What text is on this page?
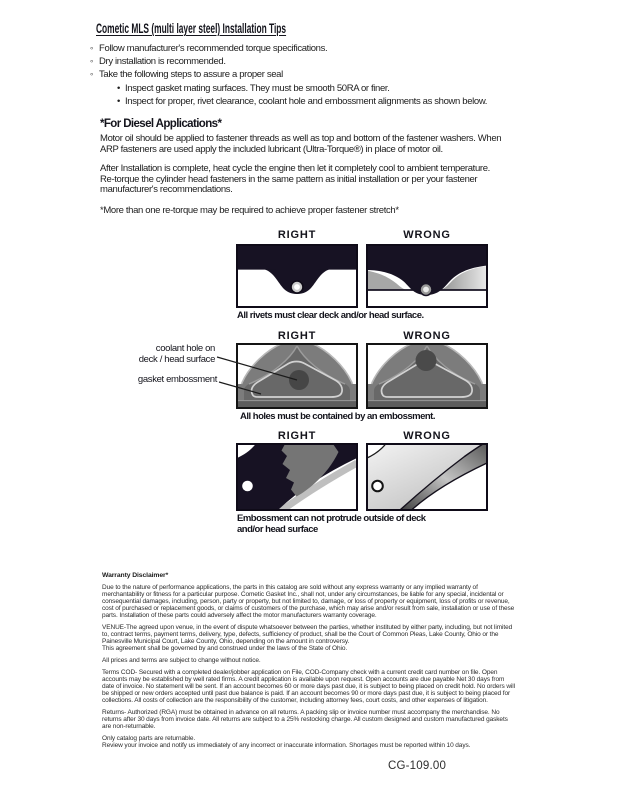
Cometic MLS (multi layer steel) Installation Tips
◦ Follow manufacturer's recommended torque specifications.
◦ Dry installation is recommended.
◦ Take the following steps to assure a proper seal
• Inspect gasket mating surfaces. They must be smooth 50RA or finer.
• Inspect for proper, rivet clearance, coolant hole and embossment alignments as shown below.
*For Diesel Applications*
Motor oil should be applied to fastener threads as well as top and bottom of the fastener washers. When ARP fasteners are used apply the included lubricant (Ultra-Torque®) in place of motor oil.
After Installation is complete, heat cycle the engine then let it completely cool to ambient temperature. Re-torque the cylinder head fasteners in the same pattern as initial installation or per your fastener manufacturer's recommendations.
*More than one re-torque may be required to achieve proper fastener stretch*
RIGHT	WRONG
All rivets must clear deck and/or head surface.
RIGHT	WRONG
coolant hole on
deck / head surface
gasket embossment
All holes must be contained by an embossment.
RIGHT	WRONG
Embossment can not protrude outside of deck
and/or head surface
Warranty Disclaimer*

Due to the nature of performance applications, the parts in this catalog are sold without any express warranty or any implied warranty of merchantability or fitness for a particular purpose. Cometic Gasket Inc., shall not, under any circumstances, be liable for any special, incidental or consequential damages, including, person, party or property, but not limited to, damage, or loss of property or equipment, loss of profits or revenue, cost of purchased or replacement goods, or claims of customers of the purchase, which may arise and/or result from sale, installation or use of these parts. Installation of these parts could adversely affect the motor manufacturers warranty coverage.

VENUE-The agreed upon venue, in the event of dispute whatsoever between the parties, whether instituted by either party, including, but not limited to, contract terms, payment terms, delivery, type, defects, sufficiency of product, shall be the Court of Common Pleas, Lake County, Ohio or the Painesville Municipal Court, Lake County, Ohio, depending on the amount in controversy.

This agreement shall be governed by and construed under the laws of the State of Ohio.

All prices and terms are subject to change without notice.

Terms COD- Secured with a completed dealer/jobber application on File, COD-Company check with a current credit card number on file. Open accounts may be established by well rated firms. A credit application is available upon request. Open accounts are due payable Net 30 days from date of invoice. No statement will be sent. If an account becomes 60 or more days past due, it is subject to being placed on credit hold. No orders will be shipped or new orders accepted until past due balance is paid. If an account becomes 90 or more days past due, it is subject to being placed for collections. All costs of collection are the responsibility of the customer, including attorney fees, court costs, and other expenses of litigation.

Returns- Authorized (RGA) must be obtained in advance on all returns. A packing slip or invoice number must accompany the merchandise. No returns after 30 days from invoice date. All returns are subject to a 25% restocking charge. All custom designed and custom manufactured gaskets are non-returnable.

Only catalog parts are returnable.

Review your invoice and notify us immediately of any incorrect or inaccurate information. Shortages must be reported within 10 days.

CG-109.00
